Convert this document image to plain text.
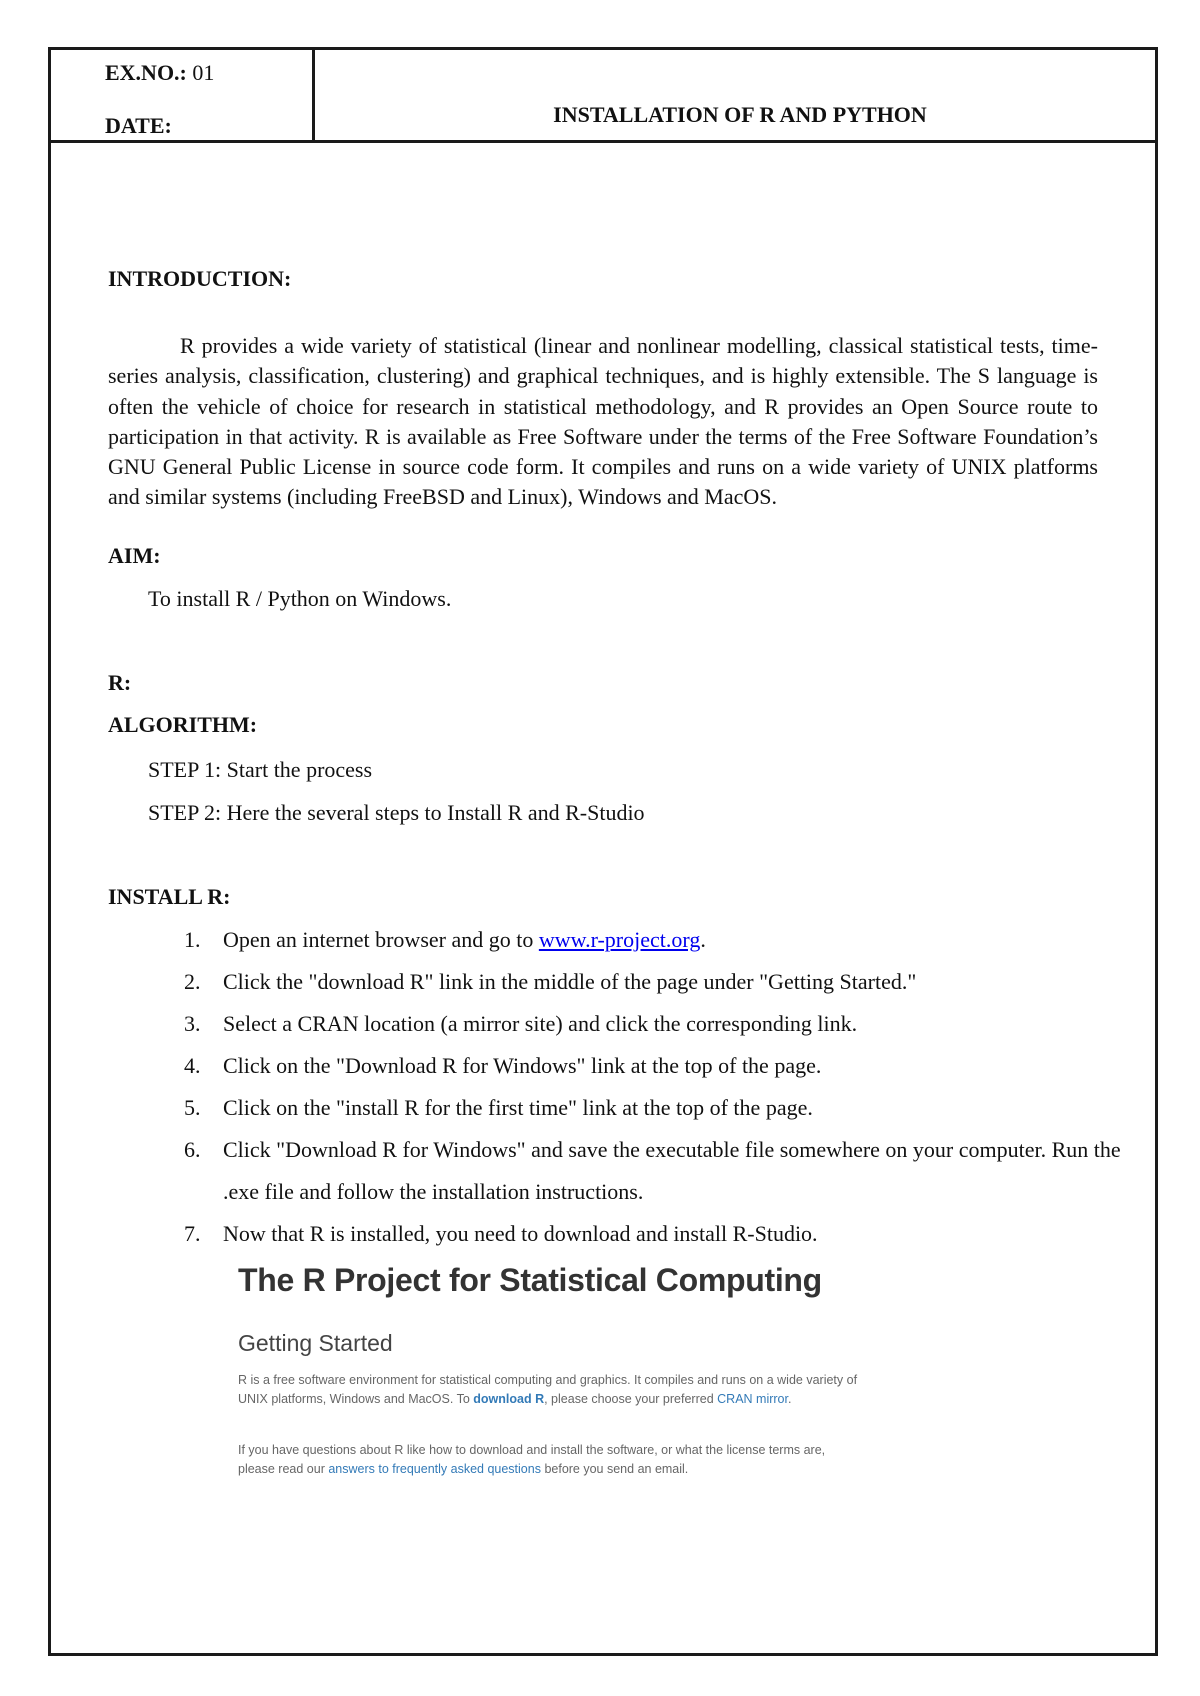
EX.NO.: 01
DATE:	INSTALLATION OF R AND PYTHON
INTRODUCTION:

R provides a wide variety of statistical (linear and nonlinear modelling, classical statistical tests, time-series analysis, classification, clustering) and graphical techniques, and is highly extensible. The S language is often the vehicle of choice for research in statistical methodology, and R provides an Open Source route to participation in that activity. R is available as Free Software under the terms of the Free Software Foundation’s GNU General Public License in source code form. It compiles and runs on a wide variety of UNIX platforms and similar systems (including FreeBSD and Linux), Windows and MacOS.

AIM:
To install R / Python on Windows.
R:
ALGORITHM:
STEP 1: Start the process
STEP 2: Here the several steps to Install R and R-Studio
INSTALL R:
1. Open an internet browser and go to www.r-project.org.
2. Click the "download R" link in the middle of the page under "Getting Started."
3. Select a CRAN location (a mirror site) and click the corresponding link.
4. Click on the "Download R for Windows" link at the top of the page.
5. Click on the "install R for the first time" link at the top of the page.
6. Click "Download R for Windows" and save the executable file somewhere on your computer. Run the .exe file and follow the installation instructions.
7. Now that R is installed, you need to download and install R-Studio.
The R Project for Statistical Computing
Getting Started

R is a free software environment for statistical computing and graphics. It compiles and runs on a wide variety of UNIX platforms, Windows and MacOS. To download R, please choose your preferred CRAN mirror.

If you have questions about R like how to download and install the software, or what the license terms are, please read our answers to frequently asked questions before you send an email.
